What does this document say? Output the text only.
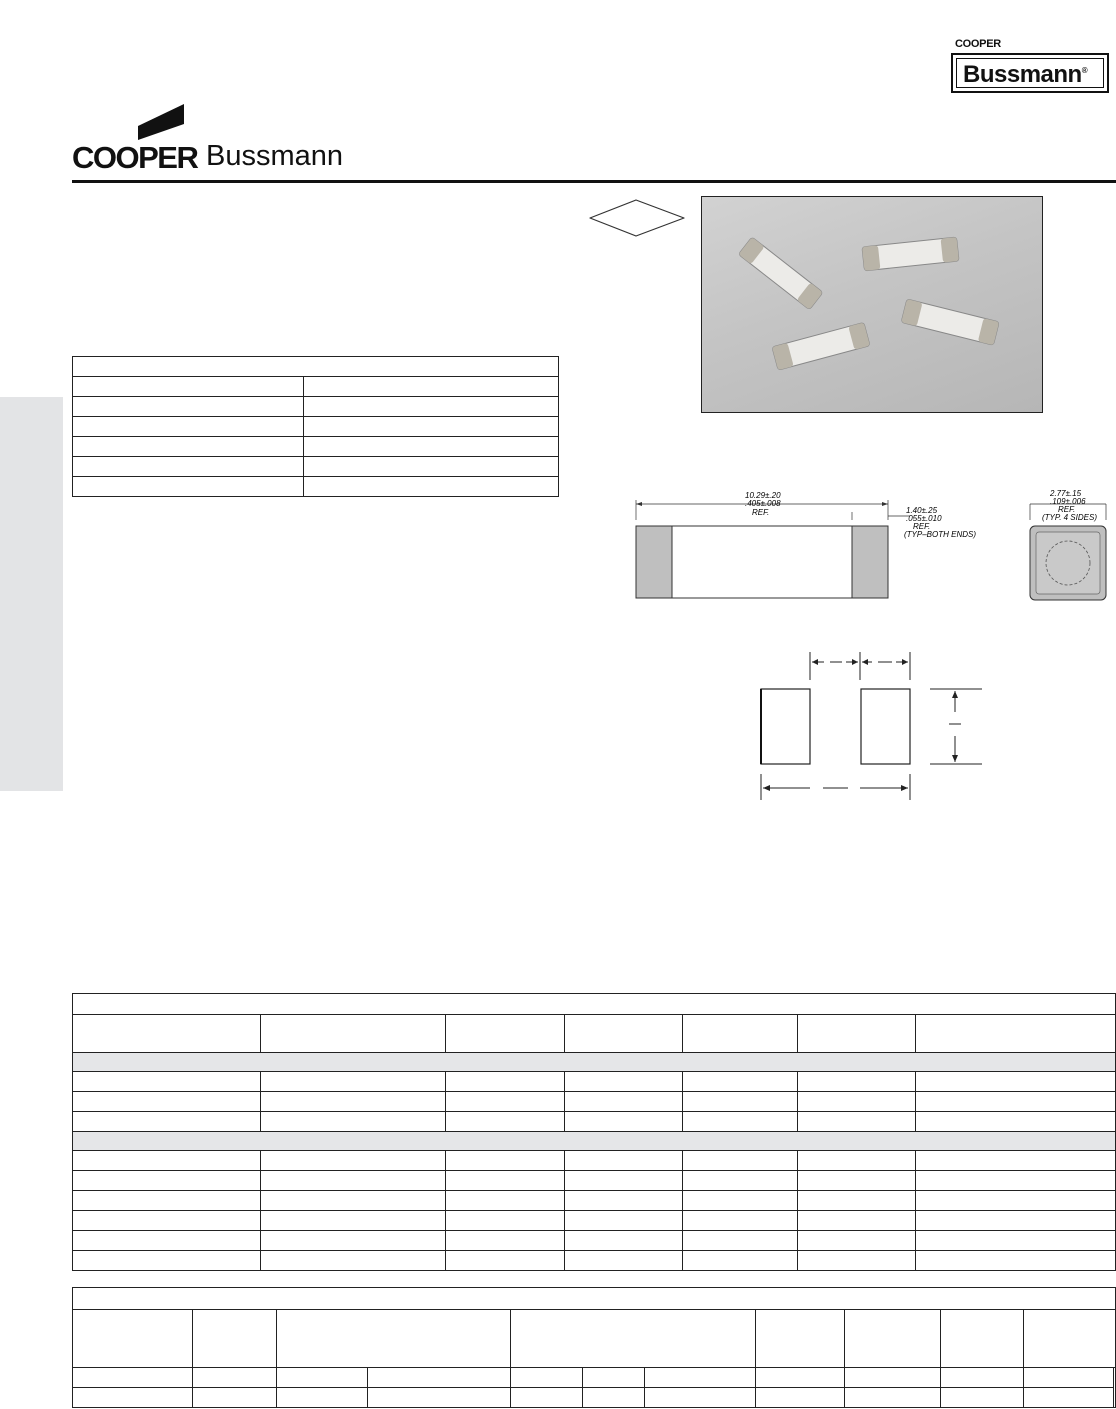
COOPER
Bussmann®
COOPER Bussmann

10.29±.20
.405±.008
REF.	1.40±.25
.055±.010
REF.
(TYP–BOTH ENDS)
2.77±.15
.109±.006
REF.
(TYP. 4 SIDES)
